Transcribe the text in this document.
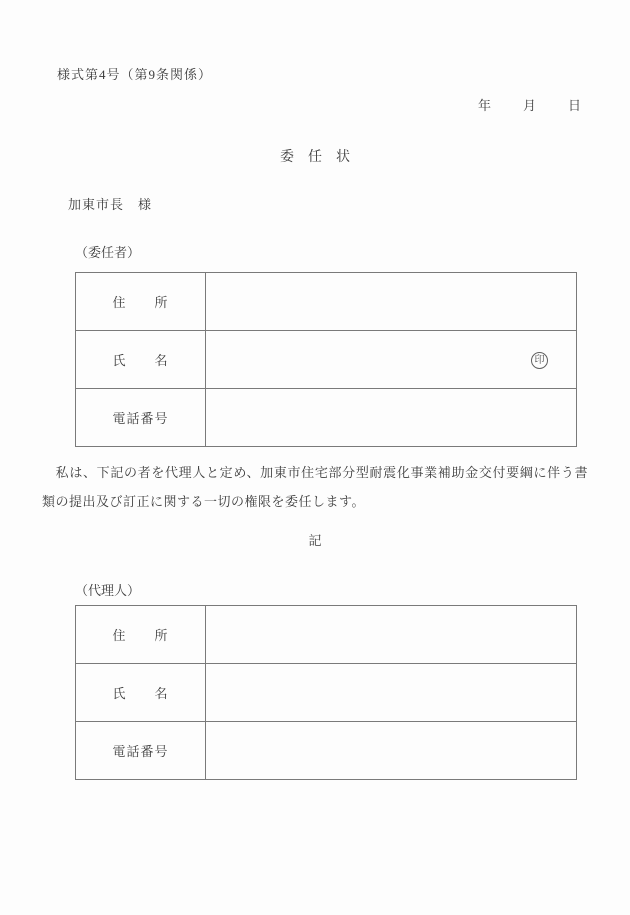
様式第4号（第9条関係）
年　　月　　日
委　任　状
加東市長　様
（委任者）
住　　所	
氏　　名	印

電話番号	
　私は、下記の者を代理人と定め、加東市住宅部分型耐震化事業補助金交付要綱に伴う書類の提出及び訂正に関する一切の権限を委任します。
記
（代理人）
住　　所	
氏　　名	
電話番号	
